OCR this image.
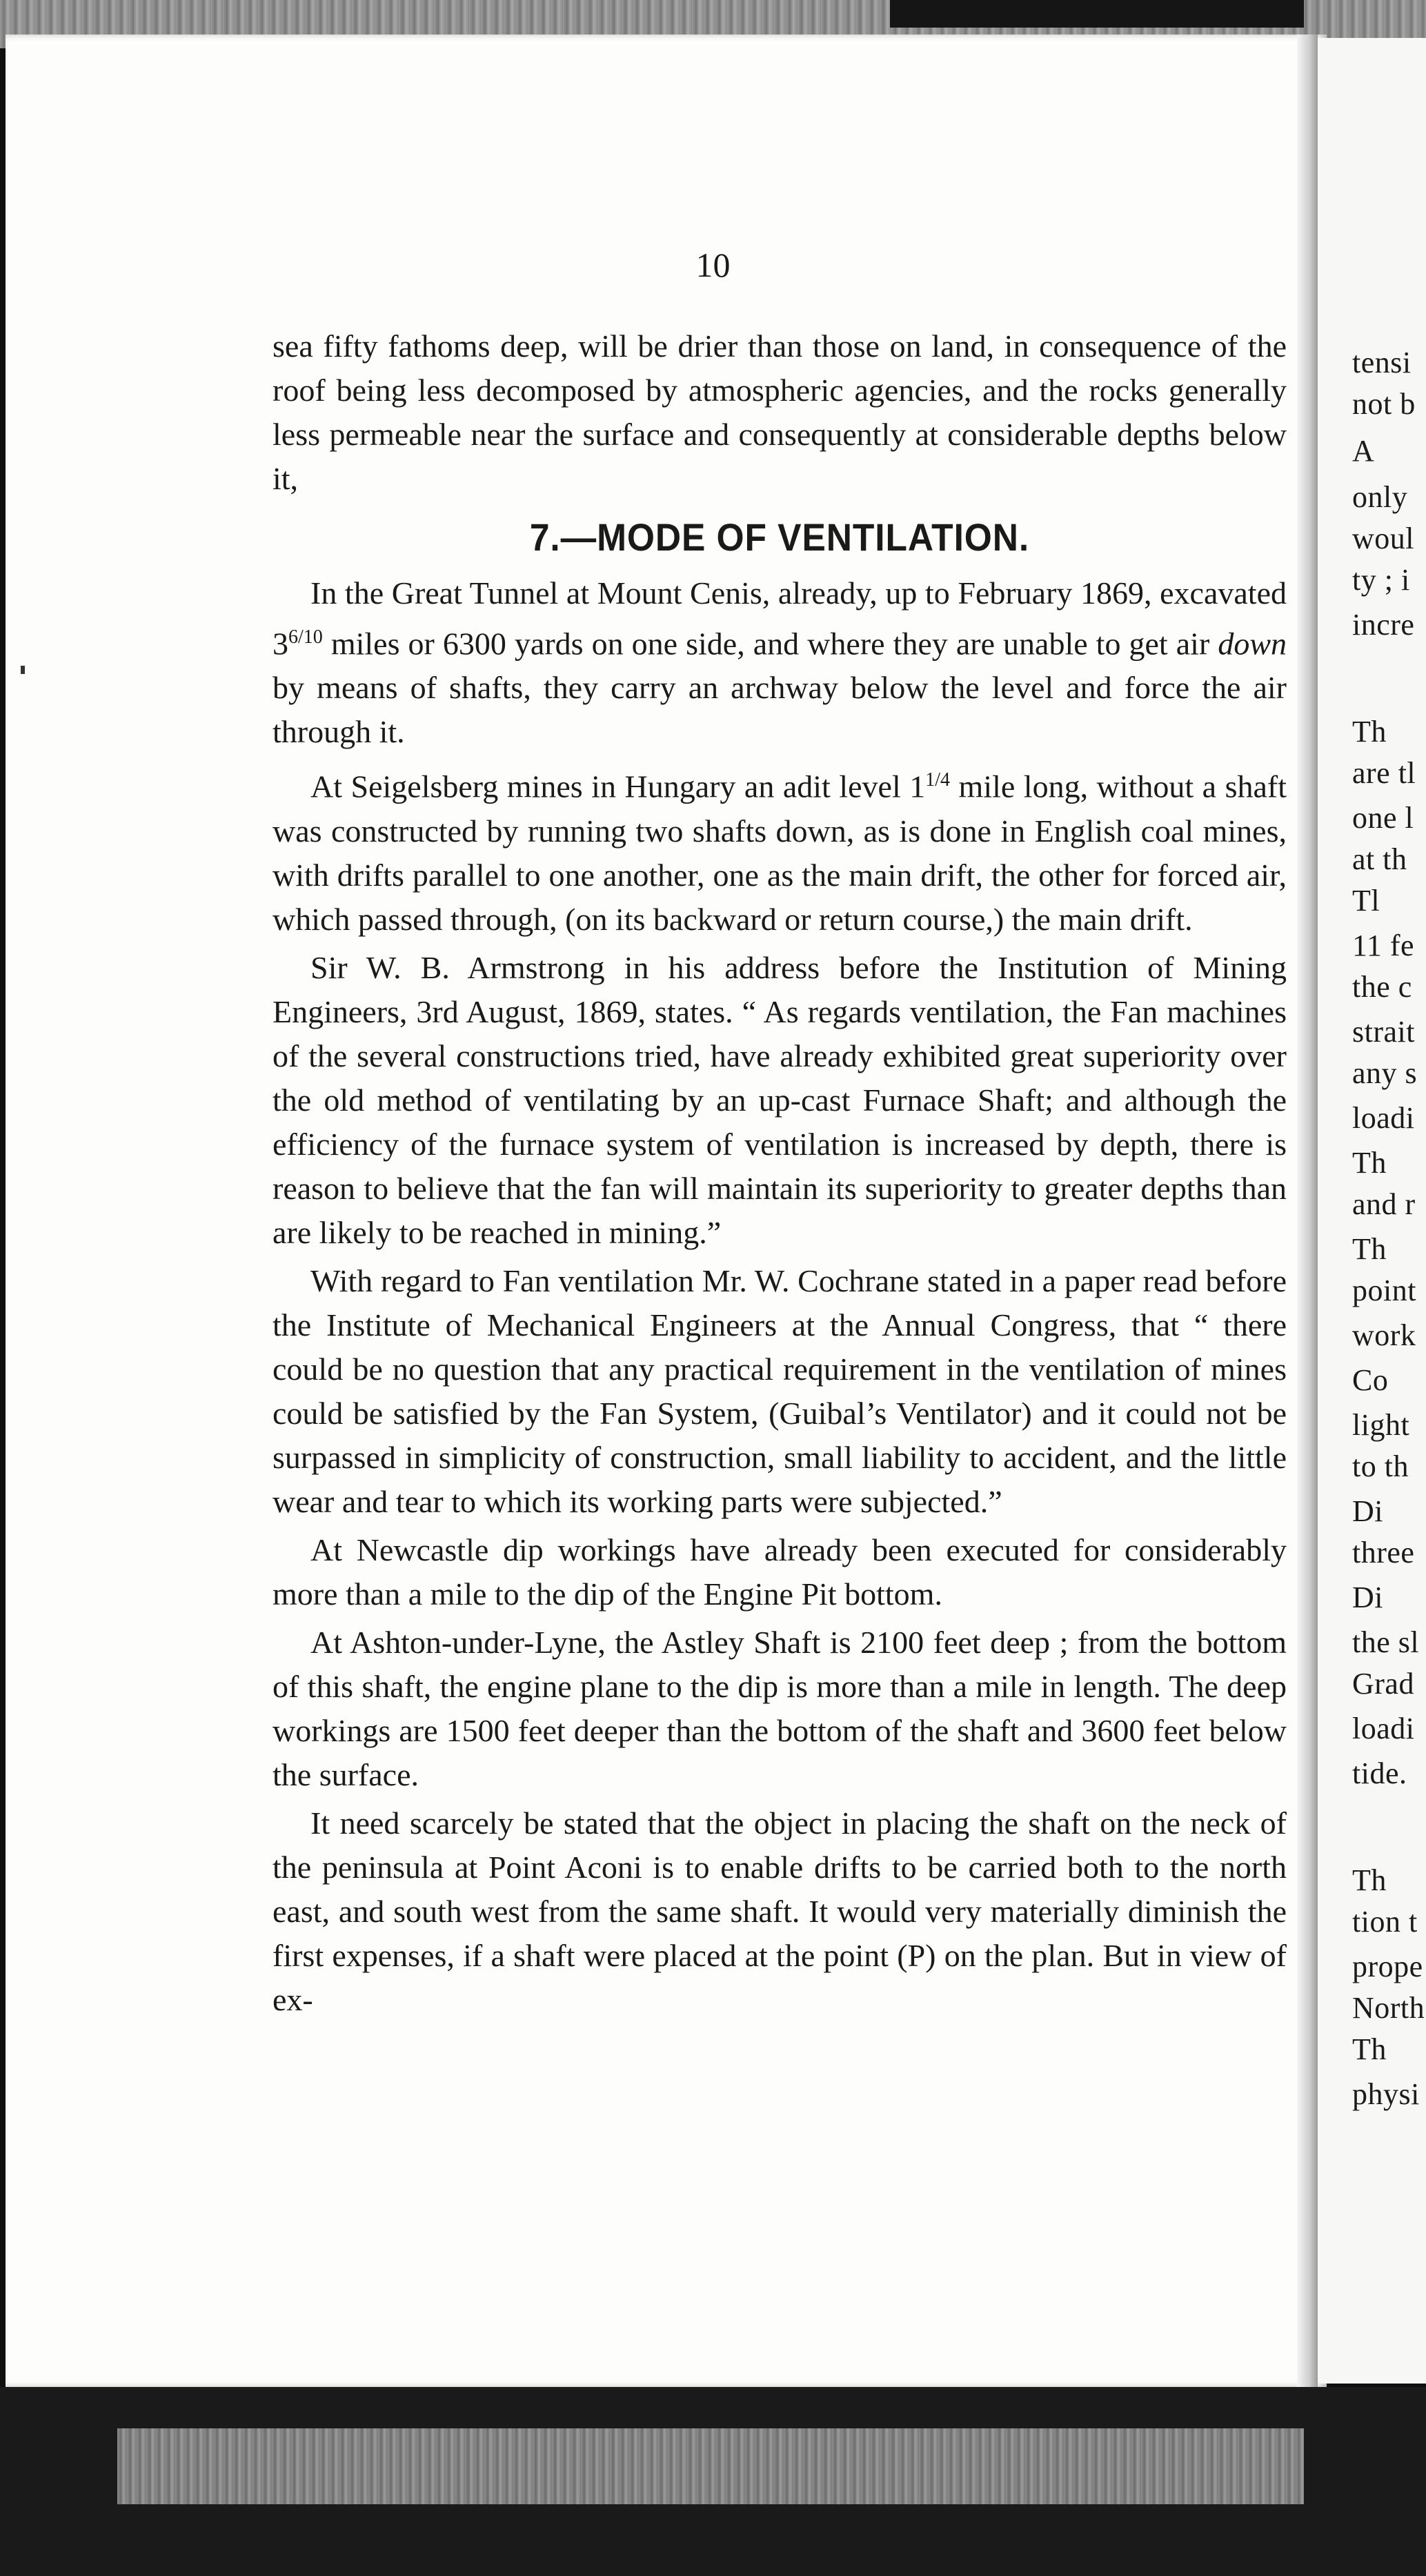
tensi
not b
A
only
woul
ty ; i
incre
Th
are tl
one l
at th
Tl
11 fe
the c
strait
any s
loadi
Th
and r
Th
point
work
Co
light
to th
Di
three
Di
the sl
Grad
loadi
tide.
Th
tion t
prope
North
Th
physi
10

sea fifty fathoms deep, will be drier than those on land, in consequence of the roof being less decomposed by atmospheric agencies, and the rocks generally less permeable near the surface and consequently at considerable depths below it,

7.—MODE OF VENTILATION.

In the Great Tunnel at Mount Cenis, already, up to February 1869, excavated $3^{6/10}$ miles or 6300 yards on one side, and where they are unable to get air down by means of shafts, they carry an archway below the level and force the air through it.

At Seigelsberg mines in Hungary an adit level $1^{1/4}$ mile long, without a shaft was constructed by running two shafts down, as is done in English coal mines, with drifts parallel to one another, one as the main drift, the other for forced air, which passed through, (on its backward or return course,) the main drift.

Sir W. B. Armstrong in his address before the Institution of Mining Engineers, 3rd August, 1869, states. “ As regards ventilation, the Fan machines of the several constructions tried, have already exhibited great superiority over the old method of ventilating by an up-cast Furnace Shaft; and although the efficiency of the furnace system of ventilation is increased by depth, there is reason to believe that the fan will maintain its superiority to greater depths than are likely to be reached in mining.”

With regard to Fan ventilation Mr. W. Cochrane stated in a paper read before the Institute of Mechanical Engineers at the Annual Congress, that “ there could be no question that any practical requirement in the ventilation of mines could be satisfied by the Fan System, (Guibal’s Ventilator) and it could not be surpassed in simplicity of construction, small liability to accident, and the little wear and tear to which its working parts were subjected.”

At Newcastle dip workings have already been executed for considerably more than a mile to the dip of the Engine Pit bottom.

At Ashton-under-Lyne, the Astley Shaft is 2100 feet deep ; from the bottom of this shaft, the engine plane to the dip is more than a mile in length. The deep workings are 1500 feet deeper than the bottom of the shaft and 3600 feet below the surface.

It need scarcely be stated that the object in placing the shaft on the neck of the peninsula at Point Aconi is to enable drifts to be carried both to the north east, and south west from the same shaft. It would very materially diminish the first expenses, if a shaft were placed at the point (P) on the plan. But in view of ex-
